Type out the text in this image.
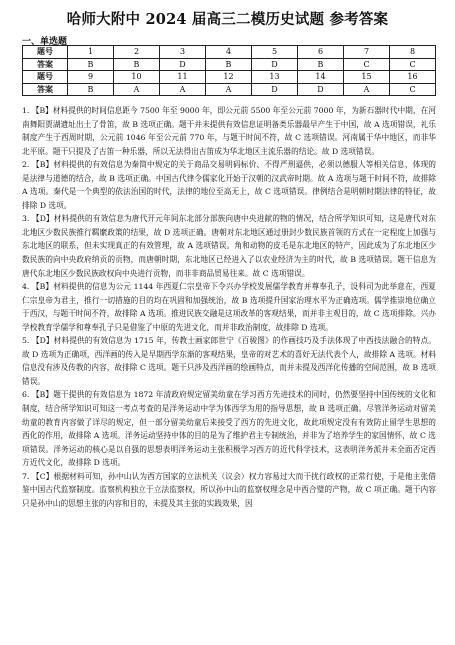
哈师大附中 2024 届高三二模历史试题 参考答案
一、单选题
题号	1	2	3	4	5	6	7	8
答案	B	B	D	B	D	B	C	C
题号	9	10	11	12	13	14	15	16
答案	B	A	A	A	D	D	A	C

1. 【B】材料提供的时间信息距今 7500 年至 9000 年，即公元前 5500 年至公元前 7000 年，为新石器时代中期，在河南舞阳贾湖遗址出土了骨笛，故 B 选项正确。题干并未提供有效信息证明备类乐器最早产生于中国，故 A 选项错误，礼乐制度产生于西周时期，公元前 1046 年至公元前 770 年，与题干时间不符，故 C 选项错误。河南属于华中地区，而非华北平原。题干只提及了古笛一种乐器，所以无法得出古笛成为华北地区主流乐器的结论。故 D 选项错误。

2. 【B】材料提供的有效信息为秦简中规定的关于商品交易明码标价、不得严刑逼供，必须以德服人等相关信息，体现的是法律与道德的结合，故 B 选项正确。中国古代律令儒家化开始于汉朝的汉武帝时期。故 A 选项与题干时间不符，故排除 A 选项。秦代是一个典型的依法治国的时代，法律的地位至高无上，故 C 选项错误。律例结合是明朝时期法律的特征，故排除 D 选项。

3. 【D】材料提供的有效信息为唐代开元年间东北部分部族向唐中央进献的物的情况，结合所学知识可知，这是唐代对东北地区少数民族推行羁縻政策的结果，故 D 选项正确。唐朝对东北地区通过册封少数民族首领的方式在一定程度上加强与东北地区的联系，但未实现真正的有效管理，故 A 选项错误。角和动物的皮毛是东北地区的特产，因此成为了东北地区少数民族的向中央政府纳贡的贡物，而唐朝时期，东北地区已经进入了以农业经济为主的时代，故 B 选项错误。题干信息为唐代东北地区少数民族政权向中央进行贡物，而非非商品贸易往来。故 C 选项错误。

4. 【B】材料提供的信息为公元 1144 年西夏仁宗皇帝下令兴办学校发展儒学教育并尊奉孔子，设科司为此举意在，西夏仁宗皇帝为君主，推行一切措施的目的均在巩固和加强统治，故 B 选项提升国家治理水平为正确选项。儒学推崇地位确立于西汉，与题干时间不符，故排除 A 选项。推进民族交融是这项改革的客观结果，而并非主观目的，故 C 选项排除。兴办学校教育学儒学和尊奉孔子只是借鉴了中原的先进文化，而并非政治制度，故排除 D 选项。

5. 【D】材料提供的有效信息为 1715 年，传教士画家郎世宁《百骏图》的作画技巧及手法体现了中西技法融合的特点。故 D 选项为正确项，西洋画的传入是早期西学东渐的客观结果，皇帝的对艺术的喜好无法代表个人，故排除 A 选项。材料信息没有涉及传教的内容，故排除 C 选项。题干只涉及西洋画的绘画特点，而并未提及西洋化传播的空间范围，故 B 选项错误。

6. 【B】题干提供的有效信息为 1872 年清政府规定留美幼童在学习西方先进技术的同时，仍然要坚持中国传统的文化和制度，结合所学知识可知这一考点考查的是洋务运动中学为体西学为用的指导思想，故 B 选项正确。尽管洋务运动对留美幼童的教育内容做了详尽的规定，但一部分留美幼童后来接受了西方的先进文化，故此项规定没有有效防止留学生思想的西化的作用，故排除 A 选项。洋务运动坚持中体的目的是为了维护君主专制统治，并非为了培养学生的家国情怀，故 C 选项错误。洋务运动的核心是以自强的思想表明洋务运动主张积极学习西方的近代科学技术，这表明洋务派并未全面否定西方近代文化，故排除 D 选项。

7. 【C】根据材料可知，孙中山认为西方国家的立法机关（议会）权力容易过大而干扰行政权的正常行使，于是他主张借鉴中国古代监察制度。监察机构独立于立法监察权，所以孙中山的监察权理念是中西合璧的产物，故 C 项正确。题干内容只是孙中山的思想主张的内容和目的，未提及其主张的实践效果，因
